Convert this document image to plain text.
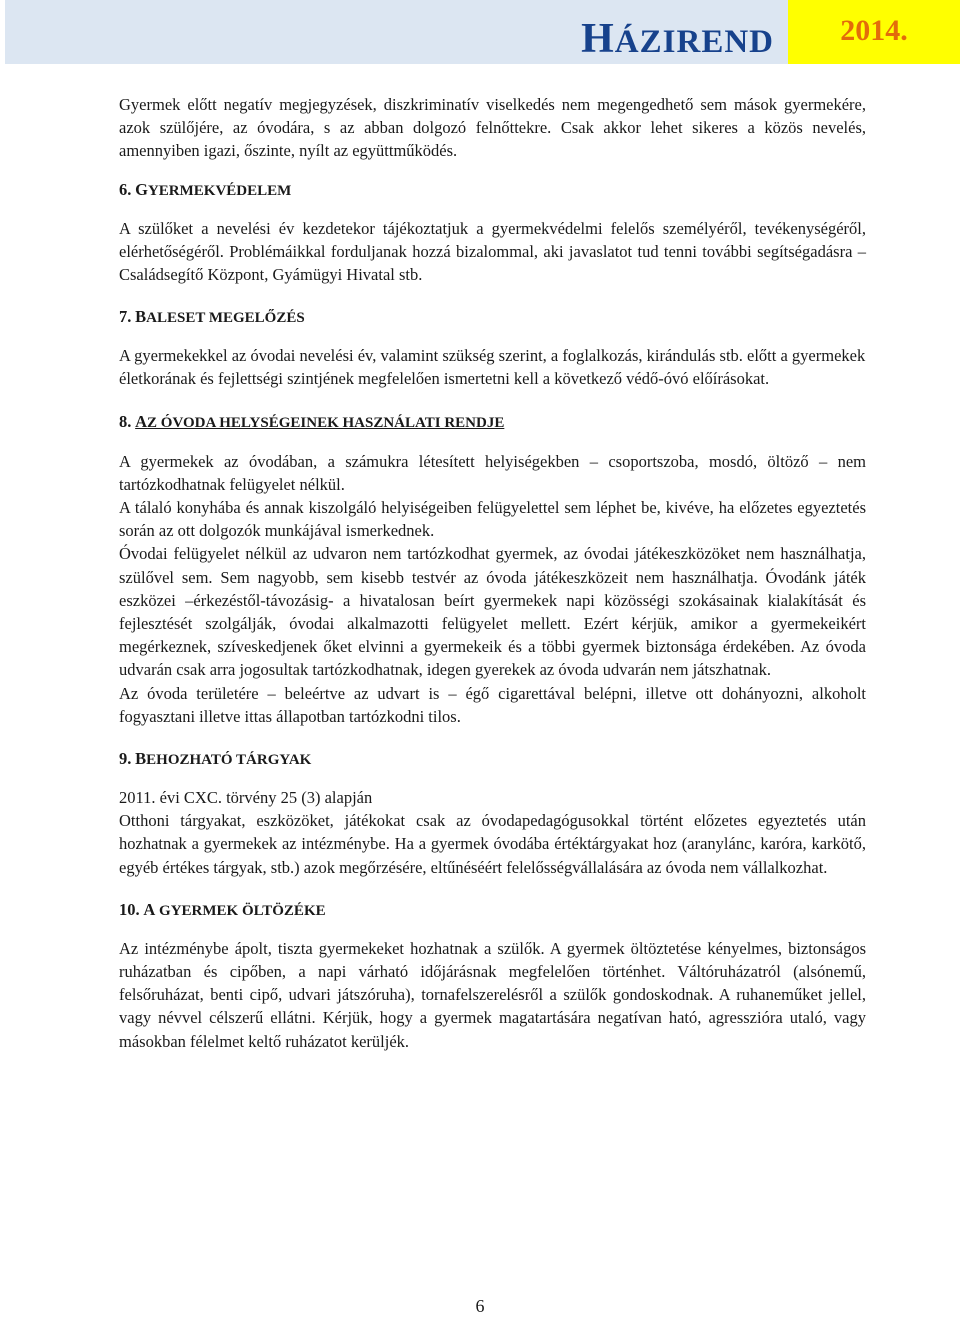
HÁZIREND 2014.

Gyermek előtt negatív megjegyzések, diszkriminatív viselkedés nem megengedhető sem mások gyermekére, azok szülőjére, az óvodára, s az abban dolgozó felnőttekre. Csak akkor lehet sikeres a közös nevelés, amennyiben igazi, őszinte, nyílt az együttműködés.

6. GYERMEKVÉDELEM

A szülőket a nevelési év kezdetekor tájékoztatjuk a gyermekvédelmi felelős személyéről, tevékenységéről, elérhetőségéről. Problémáikkal forduljanak hozzá bizalommal, aki javaslatot tud tenni további segítségadásra –Családsegítő Központ, Gyámügyi Hivatal stb.

7. BALESET MEGELŐZÉS

A gyermekekkel az óvodai nevelési év, valamint szükség szerint, a foglalkozás, kirándulás stb. előtt a gyermekek életkorának és fejlettségi szintjének megfelelően ismertetni kell a következő védő-óvó előírásokat.

8. AZ ÓVODA HELYSÉGEINEK HASZNÁLATI RENDJE

A gyermekek az óvodában, a számukra létesített helyiségekben – csoportszoba, mosdó, öltöző – nem tartózkodhatnak felügyelet nélkül.

A tálaló konyhába és annak kiszolgáló helyiségeiben felügyelettel sem léphet be, kivéve, ha előzetes egyeztetés során az ott dolgozók munkájával ismerkednek.

Óvodai felügyelet nélkül az udvaron nem tartózkodhat gyermek, az óvodai játékeszközöket nem használhatja, szülővel sem. Sem nagyobb, sem kisebb testvér az óvoda játékeszközeit nem használhatja. Óvodánk játék eszközei –érkezéstől-távozásig- a hivatalosan beírt gyermekek napi közösségi szokásainak kialakítását és fejlesztését szolgálják, óvodai alkalmazotti felügyelet mellett. Ezért kérjük, amikor a gyermekeikért megérkeznek, szíveskedjenek őket elvinni a gyermekeik és a többi gyermek biztonsága érdekében. Az óvoda udvarán csak arra jogosultak tartózkodhatnak, idegen gyerekek az óvoda udvarán nem játszhatnak.

Az óvoda területére – beleértve az udvart is – égő cigarettával belépni, illetve ott dohányozni, alkoholt fogyasztani illetve ittas állapotban tartózkodni tilos.

9. BEHOZHATÓ TÁRGYAK

2011. évi CXC. törvény 25 (3) alapján

Otthoni tárgyakat, eszközöket, játékokat csak az óvodapedagógusokkal történt előzetes egyeztetés után hozhatnak a gyermekek az intézménybe. Ha a gyermek óvodába értéktárgyakat hoz (aranylánc, karóra, karkötő, egyéb értékes tárgyak, stb.) azok megőrzésére, eltűnéséért felelősségvállalására az óvoda nem vállalkozhat.

10. A GYERMEK ÖLTÖZÉKE

Az intézménybe ápolt, tiszta gyermekeket hozhatnak a szülők. A gyermek öltöztetése kényelmes, biztonságos ruházatban és cipőben, a napi várható időjárásnak megfelelően történhet. Váltóruházatról (alsónemű, felsőruházat, benti cipő, udvari játszóruha), tornafelszerelésről a szülők gondoskodnak. A ruhaneműket jellel, vagy névvel célszerű ellátni. Kérjük, hogy a gyermek magatartására negatívan ható, agresszióra utaló, vagy másokban félelmet keltő ruházatot kerüljék.

6
